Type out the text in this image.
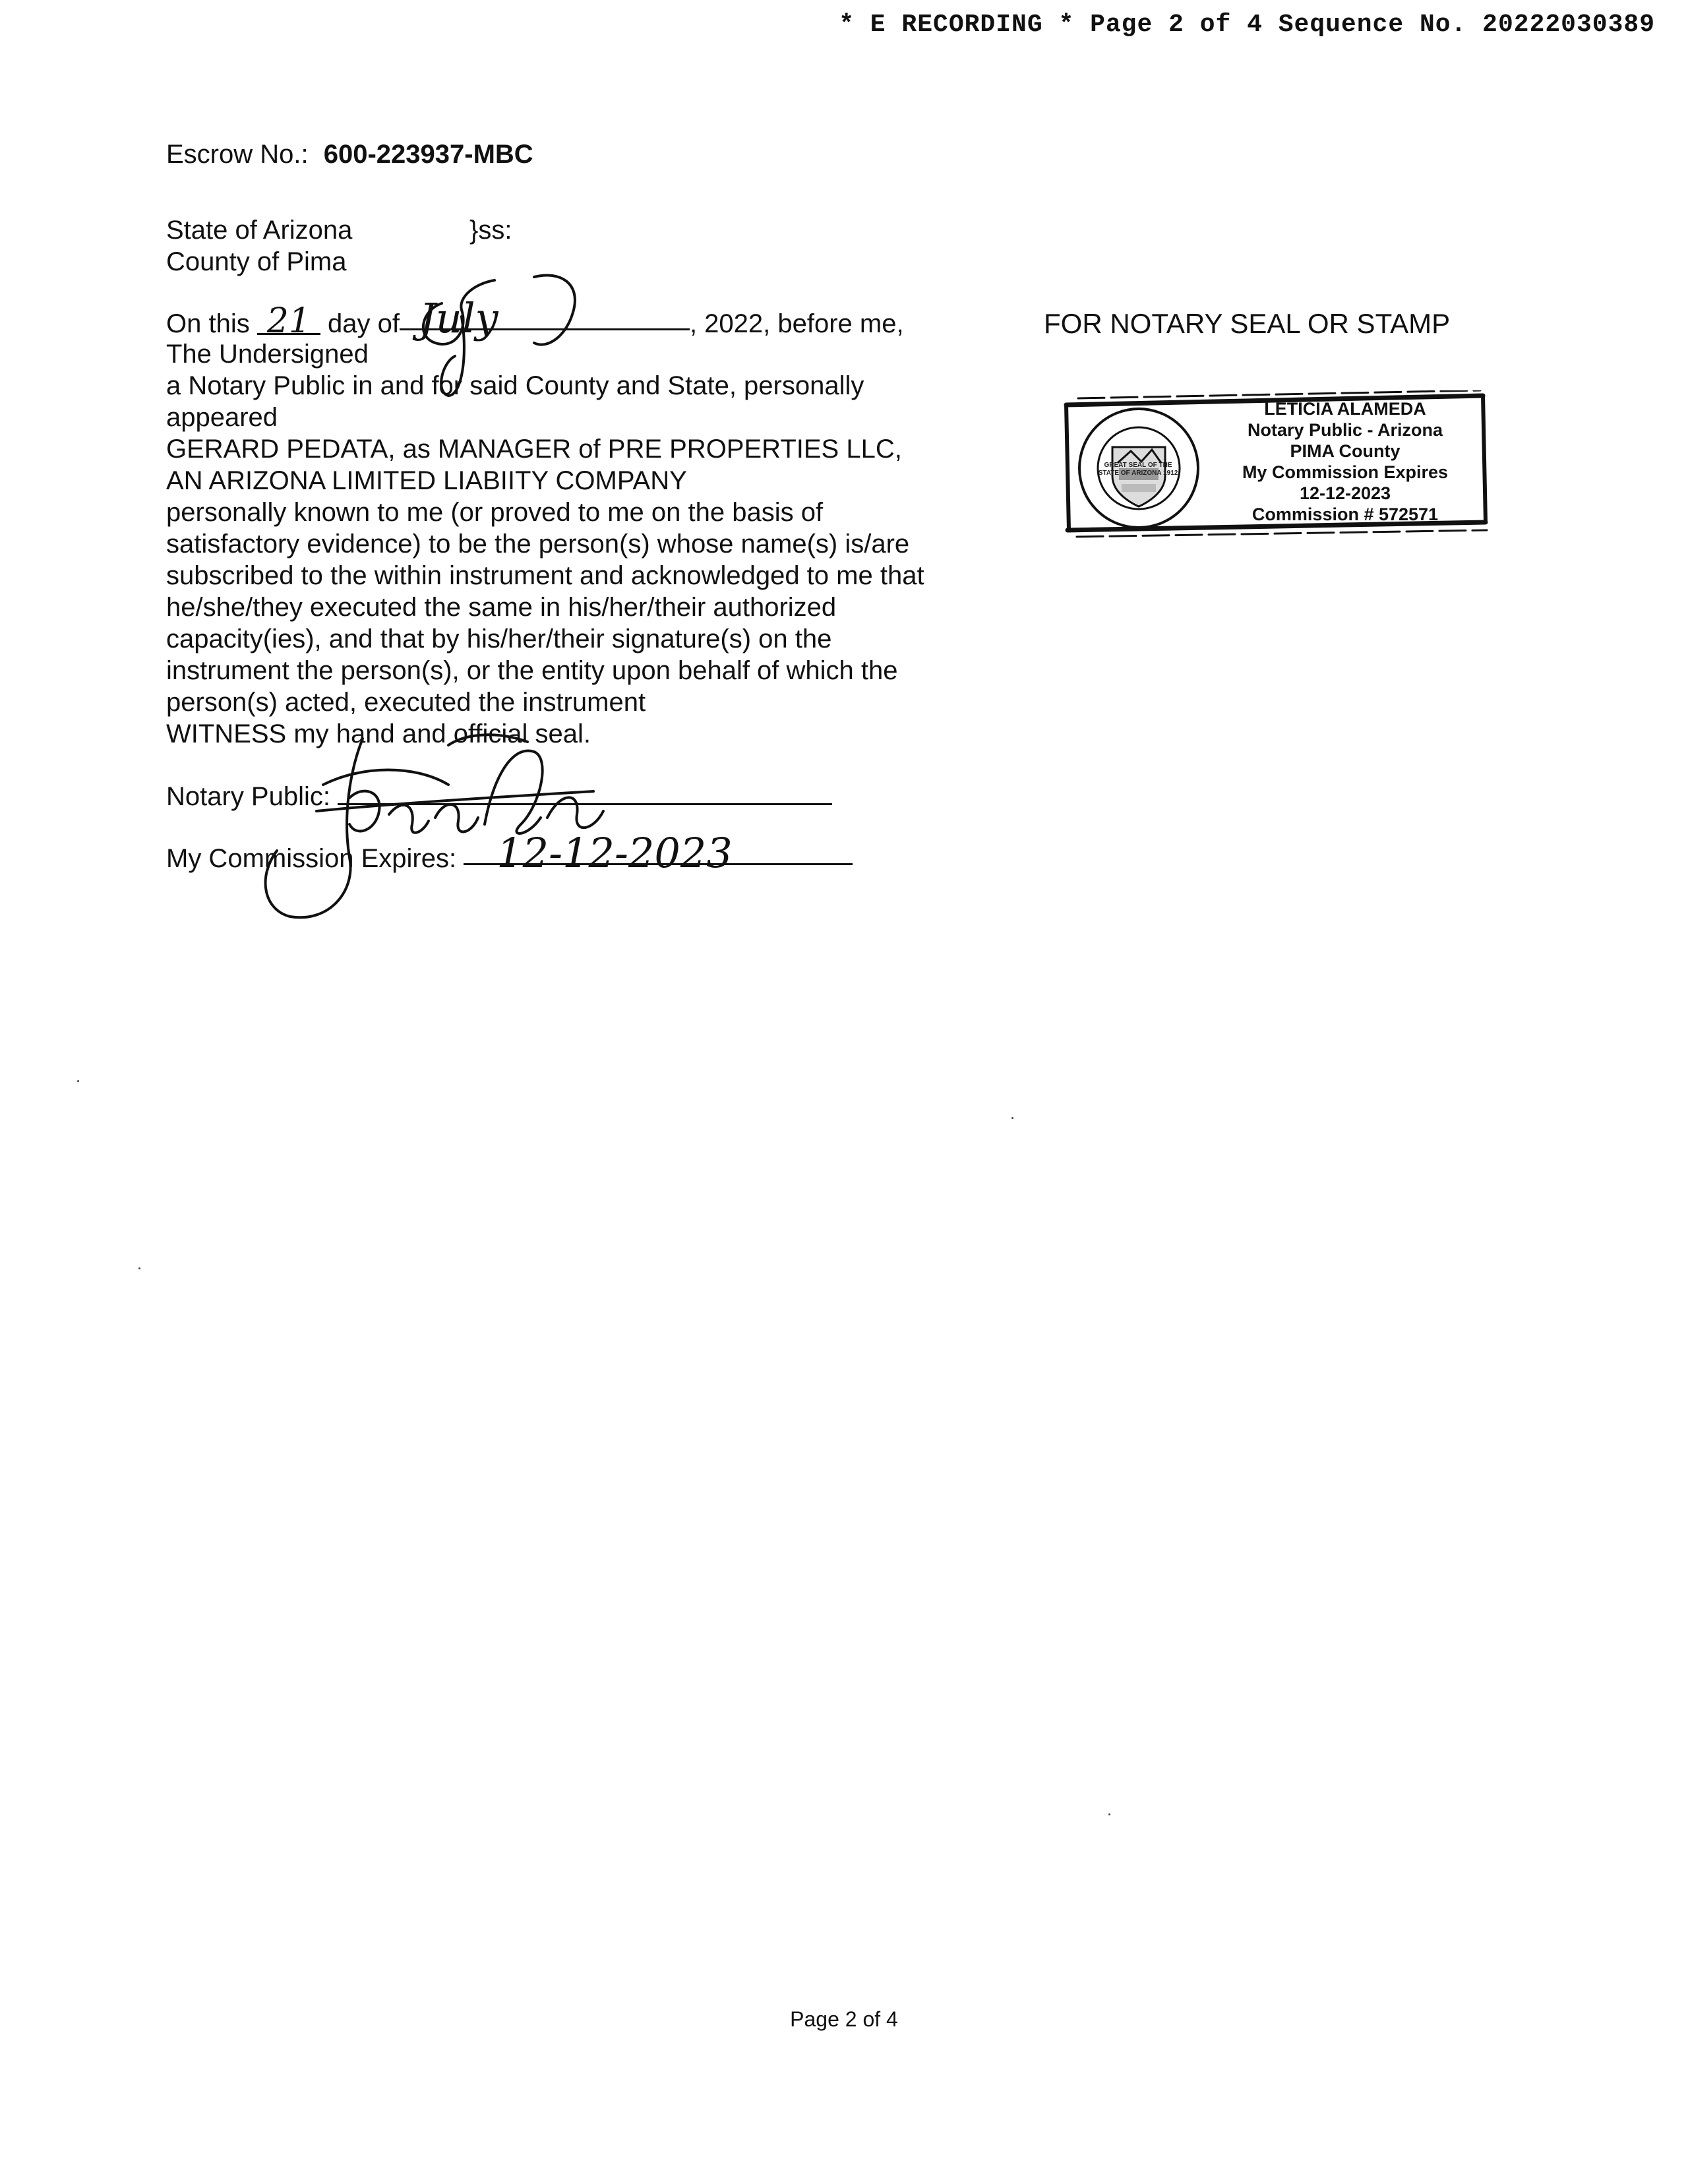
* E RECORDING * Page 2 of 4 Sequence No. 20222030389
Escrow No.: 600-223937-MBC
State of Arizona	}ss:
County of Pima
On this 21 day of July	, 2022, before me,
The Undersigned
a Notary Public in and for said County and State, personally
appeared
GERARD PEDATA, as MANAGER of PRE PROPERTIES LLC,
AN ARIZONA LIMITED LIABIITY COMPANY
personally known to me (or proved to me on the basis of
satisfactory evidence) to be the person(s) whose name(s) is/are
subscribed to the within instrument and acknowledged to me that
he/she/they executed the same in his/her/their authorized
capacity(ies), and that by his/her/their signature(s) on the
instrument the person(s), or the entity upon behalf of which the
person(s) acted, executed the instrument
WITNESS my hand and official seal.
Notary Public:
My Commission Expires: 12-12-2023
FOR NOTARY SEAL OR STAMP
GREAT SEAL OF THE STATE OF ARIZONA 1912
LETICIA ALAMEDA
Notary Public - Arizona
PIMA County
My Commission Expires
12-12-2023
Commission # 572571
Page 2 of 4
